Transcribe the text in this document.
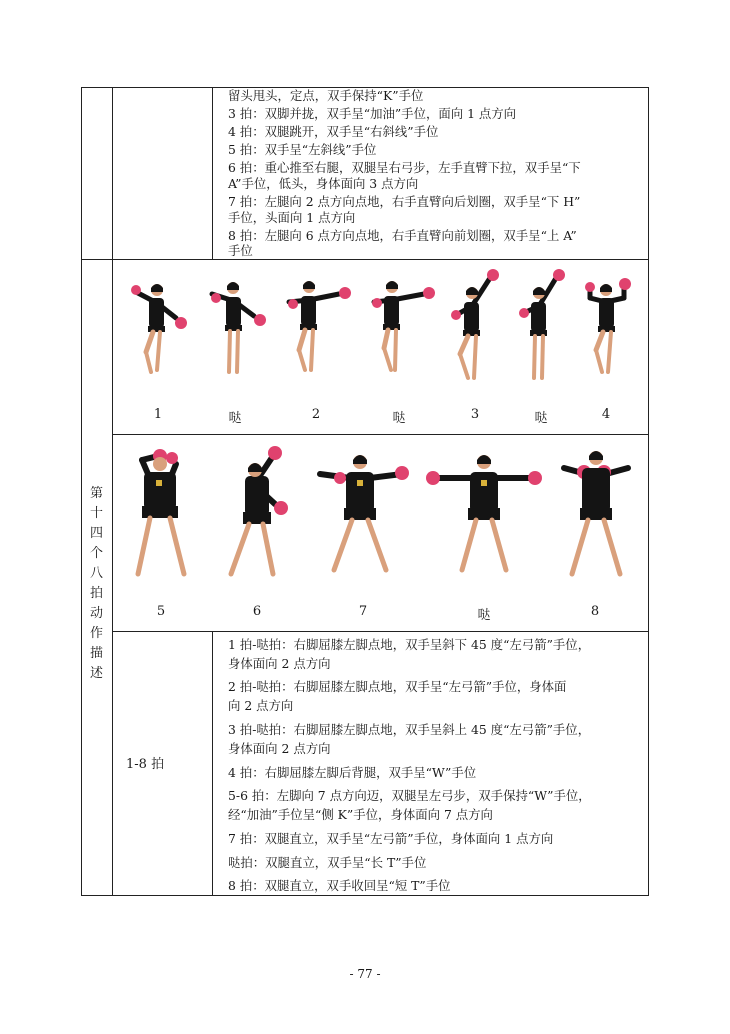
留头甩头，定点，双手保持“K”手位
3 拍：双脚并拢，双手呈“加油”手位，面向 1 点方向
4 拍：双腿跳开，双手呈“右斜线”手位
5 拍：双手呈“左斜线”手位
6 拍：重心推至右腿，双腿呈右弓步，左手直臂下拉，双手呈“下
A”手位，低头，身体面向 3 点方向
7 拍：左腿向 2 点方向点地，右手直臂向后划圈，双手呈“下 H”
手位，头面向 1 点方向
8 拍：左腿向 6 点方向点地，右手直臂向前划圈，双手呈“上 A”
手位
第
十
四
个
八
拍
动
作
描
述
1	哒	2	哒	3	哒	4
5	6	7	哒	8
1-8 拍
1 拍-哒拍：右脚屈膝左脚点地，双手呈斜下 45 度“左弓箭”手位，
身体面向 2 点方向
2 拍-哒拍：右脚屈膝左脚点地，双手呈“左弓箭”手位，身体面
向 2 点方向
3 拍-哒拍：右脚屈膝左脚点地，双手呈斜上 45 度“左弓箭”手位，
身体面向 2 点方向
4 拍：右脚屈膝左脚后背腿，双手呈“W”手位
5-6 拍：左脚向 7 点方向迈，双腿呈左弓步，双手保持“W”手位，
经“加油”手位呈“侧 K”手位，身体面向 7 点方向
7 拍：双腿直立，双手呈“左弓箭”手位，身体面向 1 点方向
哒拍：双腿直立，双手呈“长 T”手位
8 拍：双腿直立，双手收回呈“短 T”手位
- 77 -
